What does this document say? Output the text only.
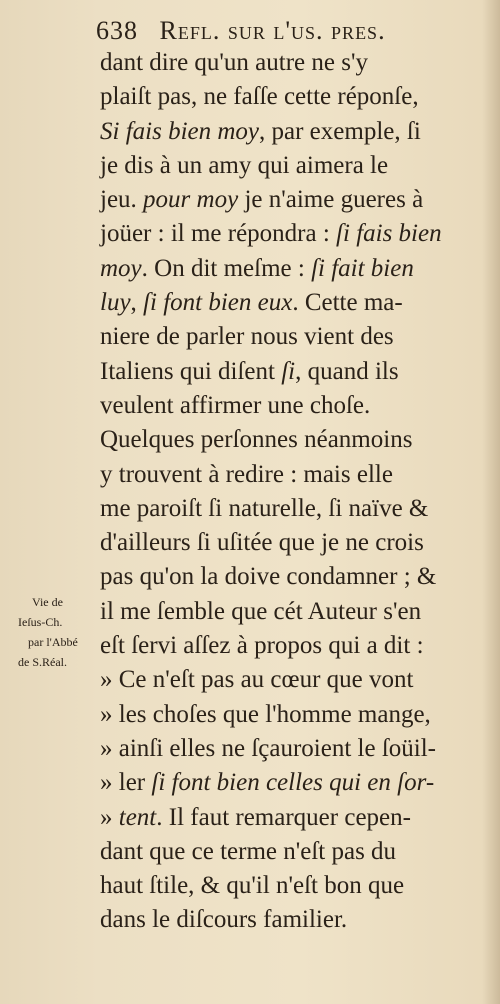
638 Refl. sur l'us. pres.
dant dire qu'un autre ne s'y
plaiſt pas, ne faſſe cette réponſe,
Si fais bien moy, par exemple, ſi
je dis à un amy qui aimera le
jeu. pour moy je n'aime gueres à
joüer : il me répondra : ſi fais bien
moy. On dit meſme : ſi fait bien
luy, ſi font bien eux. Cette ma-
niere de parler nous vient des
Italiens qui diſent ſi, quand ils
veulent affirmer une choſe.
Quelques perſonnes néanmoins
y trouvent à redire : mais elle
me paroiſt ſi naturelle, ſi naïve &
d'ailleurs ſi uſitée que je ne crois
pas qu'on la doive condamner ; &
il me ſemble que cét Auteur s'en
eſt ſervi aſſez à propos qui a dit :
» Ce n'eſt pas au cœur que vont
» les choſes que l'homme mange,
» ainſi elles ne ſçauroient le ſoüil-
» ler ſi font bien celles qui en ſor-
» tent. Il faut remarquer cepen-
dant que ce terme n'eſt pas du
haut ſtile, & qu'il n'eſt bon que
dans le diſcours familier.
Vie de
Ieſus-Ch.
par l'Abbé
de S.Réal.
